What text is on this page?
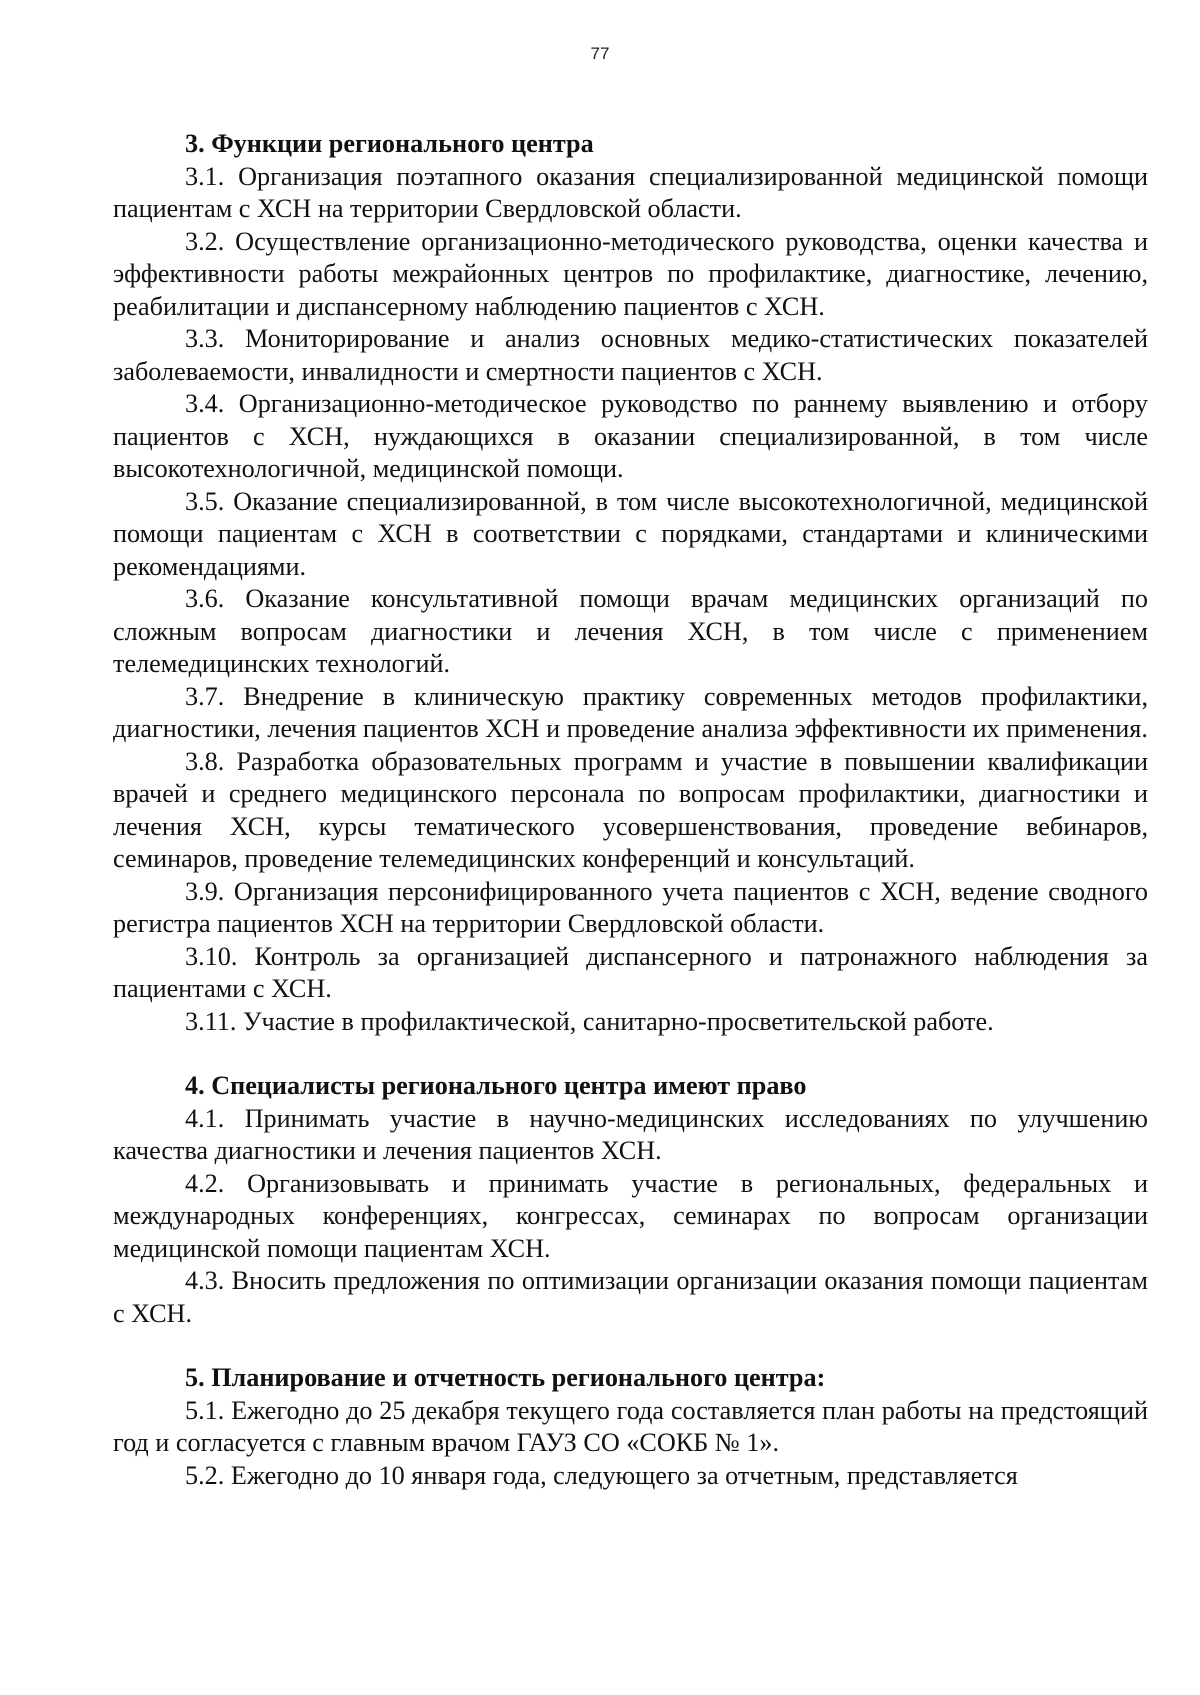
77

3. Функции регионального центра

3.1. Организация поэтапного оказания специализированной медицинской помощи пациентам с ХСН на территории Свердловской области.

3.2. Осуществление организационно-методического руководства, оценки качества и эффективности работы межрайонных центров по профилактике, диагностике, лечению, реабилитации и диспансерному наблюдению пациентов с ХСН.

3.3. Мониторирование и анализ основных медико-статистических показателей заболеваемости, инвалидности и смертности пациентов с ХСН.

3.4. Организационно-методическое руководство по раннему выявлению и отбору пациентов с ХСН, нуждающихся в оказании специализированной, в том числе высокотехнологичной, медицинской помощи.

3.5. Оказание специализированной, в том числе высокотехнологичной, медицинской помощи пациентам с ХСН в соответствии с порядками, стандартами и клиническими рекомендациями.

3.6. Оказание консультативной помощи врачам медицинских организаций по сложным вопросам диагностики и лечения ХСН, в том числе с применением телемедицинских технологий.

3.7. Внедрение в клиническую практику современных методов профилактики, диагностики, лечения пациентов ХСН и проведение анализа эффективности их применения.

3.8. Разработка образовательных программ и участие в повышении квалификации врачей и среднего медицинского персонала по вопросам профилактики, диагностики и лечения ХСН, курсы тематического усовершенствования, проведение вебинаров, семинаров, проведение телемедицинских конференций и консультаций.

3.9. Организация персонифицированного учета пациентов с ХСН, ведение сводного регистра пациентов ХСН на территории Свердловской области.

3.10. Контроль за организацией диспансерного и патронажного наблюдения за пациентами с ХСН.

3.11. Участие в профилактической, санитарно-просветительской работе.

4. Специалисты регионального центра имеют право

4.1. Принимать участие в научно-медицинских исследованиях по улучшению качества диагностики и лечения пациентов ХСН.

4.2. Организовывать и принимать участие в региональных, федеральных и международных конференциях, конгрессах, семинарах по вопросам организации медицинской помощи пациентам ХСН.

4.3. Вносить предложения по оптимизации организации оказания помощи пациентам с ХСН.

5. Планирование и отчетность регионального центра:

5.1. Ежегодно до 25 декабря текущего года составляется план работы на предстоящий год и согласуется с главным врачом ГАУЗ СО «СОКБ № 1».

5.2. Ежегодно до 10 января года, следующего за отчетным, представляется
